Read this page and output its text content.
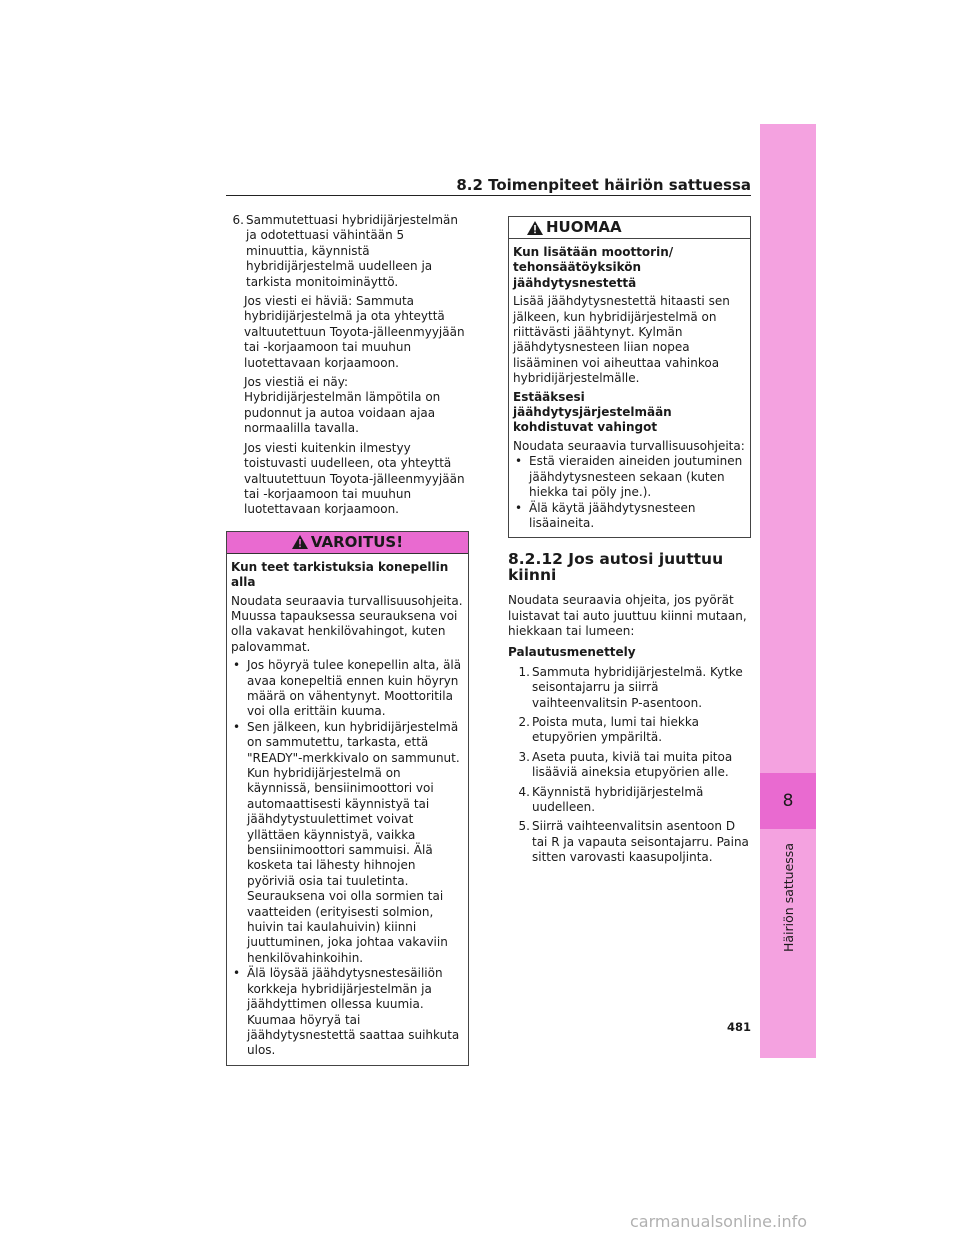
8
Häiriön sattuessa
8.2 Toimenpiteet häiriön sattuessa
6. Sammutettuasi hybridijärjestelmän ja odotettuasi vähintään 5 minuuttia, käynnistä hybridijärjestelmä uudelleen ja tarkista monitoiminäyttö.
Jos viesti ei häviä: Sammuta hybridijärjestelmä ja ota yhteyttä valtuutettuun Toyota-jälleenmyyjään tai -korjaamoon tai muuhun luotettavaan korjaamoon.
Jos viestiä ei näy: Hybridijärjestelmän lämpötila on pudonnut ja autoa voidaan ajaa normaalilla tavalla.
Jos viesti kuitenkin ilmestyy toistuvasti uudelleen, ota yhteyttä valtuutettuun Toyota-jälleenmyyjään tai -korjaamoon tai muuhun luotettavaan korjaamoon.
VAROITUS!
Kun teet tarkistuksia konepellin alla
Noudata seuraavia turvallisuusohjeita. Muussa tapauksessa seurauksena voi olla vakavat henkilövahingot, kuten palovammat.
• Jos höyryä tulee konepellin alta, älä avaa konepeltiä ennen kuin höyryn määrä on vähentynyt. Moottoritila voi olla erittäin kuuma.
• Sen jälkeen, kun hybridijärjestelmä on sammutettu, tarkasta, että "READY"-merkkivalo on sammunut. Kun hybridijärjestelmä on käynnissä, bensiinimoottori voi automaattisesti käynnistyä tai jäähdytystuulettimet voivat yllättäen käynnistyä, vaikka bensiinimoottori sammuisi. Älä kosketa tai lähesty hihnojen pyöriviä osia tai tuuletinta. Seurauksena voi olla sormien tai vaatteiden (erityisesti solmion, huivin tai kaulahuivin) kiinni juuttuminen, joka johtaa vakaviin henkilövahinkoihin.
• Älä löysää jäähdytysnestesäiliön korkkeja hybridijärjestelmän ja jäähdyttimen ollessa kuumia. Kuumaa höyryä tai jäähdytysnestettä saattaa suihkuta ulos.
HUOMAA
Kun lisätään moottorin/ tehonsäätöyksikön jäähdytysnestettä
Lisää jäähdytysnestettä hitaasti sen jälkeen, kun hybridijärjestelmä on riittävästi jäähtynyt. Kylmän jäähdytysnesteen liian nopea lisääminen voi aiheuttaa vahinkoa hybridijärjestelmälle.
Estääksesi jäähdytysjärjestelmään kohdistuvat vahingot
Noudata seuraavia turvallisuusohjeita:
• Estä vieraiden aineiden joutuminen jäähdytysnesteen sekaan (kuten hiekka tai pöly jne.).
• Älä käytä jäähdytysnesteen lisäaineita.
8.2.12 Jos autosi juuttuu kiinni
Noudata seuraavia ohjeita, jos pyörät luistavat tai auto juuttuu kiinni mutaan, hiekkaan tai lumeen:
Palautusmenettely
1. Sammuta hybridijärjestelmä. Kytke seisontajarru ja siirrä vaihteenvalitsin P-asentoon.
2. Poista muta, lumi tai hiekka etupyörien ympäriltä.
3. Aseta puuta, kiviä tai muita pitoa lisääviä aineksia etupyörien alle.
4. Käynnistä hybridijärjestelmä uudelleen.
5. Siirrä vaihteenvalitsin asentoon D tai R ja vapauta seisontajarru. Paina sitten varovasti kaasupoljinta.
481
carmanualsonline.info
